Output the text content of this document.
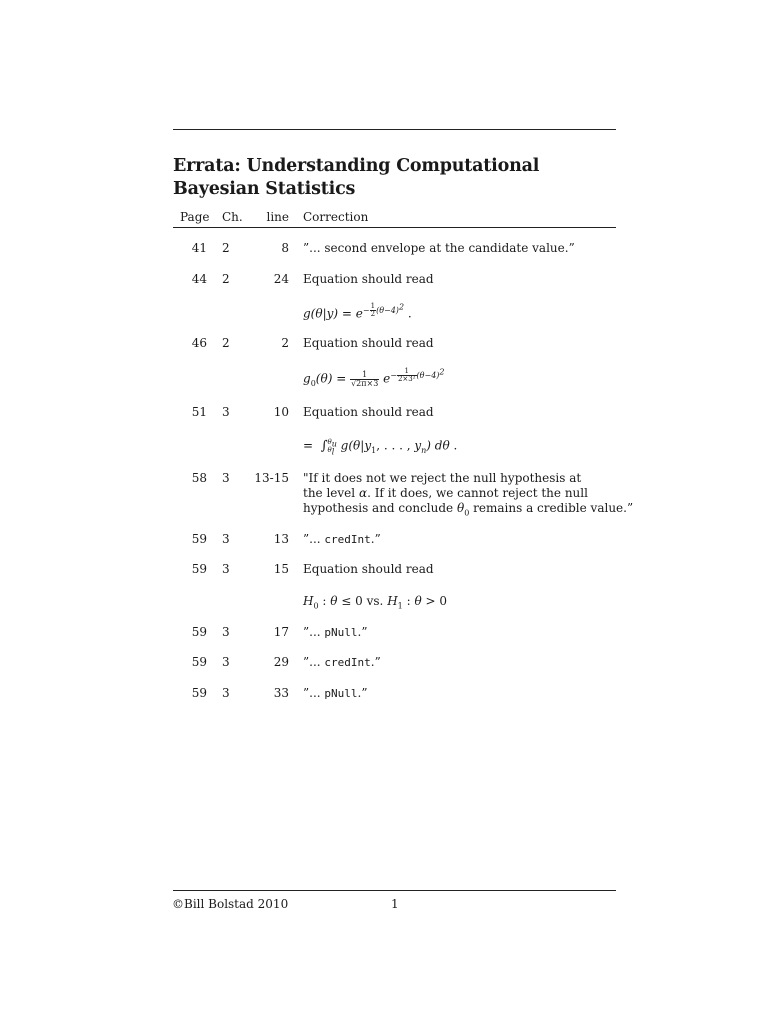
Errata: Understanding Computational Bayesian Statistics
Page Ch.	line Correction
41 2	8 ”... second envelope at the candidate value.”
44 2	24 Equation should read
$g(\theta|y) = e^{- \frac{1}{2} (\theta-4)^2}$ .
46 2	2 Equation should read
$g_0(\theta) = \frac{1}{√2\pi\times 3} e^{- \frac{1}{\text{2×3²}} (\theta-4)^2}$
51 3	10 Equation should read
= ∫ $\theta_u$
$\theta_l$ $g(\theta|y_1$, . . . , $y_n$) dθ .
58 3	13-15 "If it does not we reject the null hypothesis at
the level α. If it does, we cannot reject the null
hypothesis and conclude $\theta_0$ remains a credible value.”
59 3	13 ”... credInt.”
59 3	15 Equation should read
$H_0$ : θ ≤ 0 vs. $H_1$ : θ > 0
59 3	17 ”... pNull.”
59 3	29 ”... credInt.”
59 3	33 ”... pNull.”
©Bill Bolstad 2010	1
